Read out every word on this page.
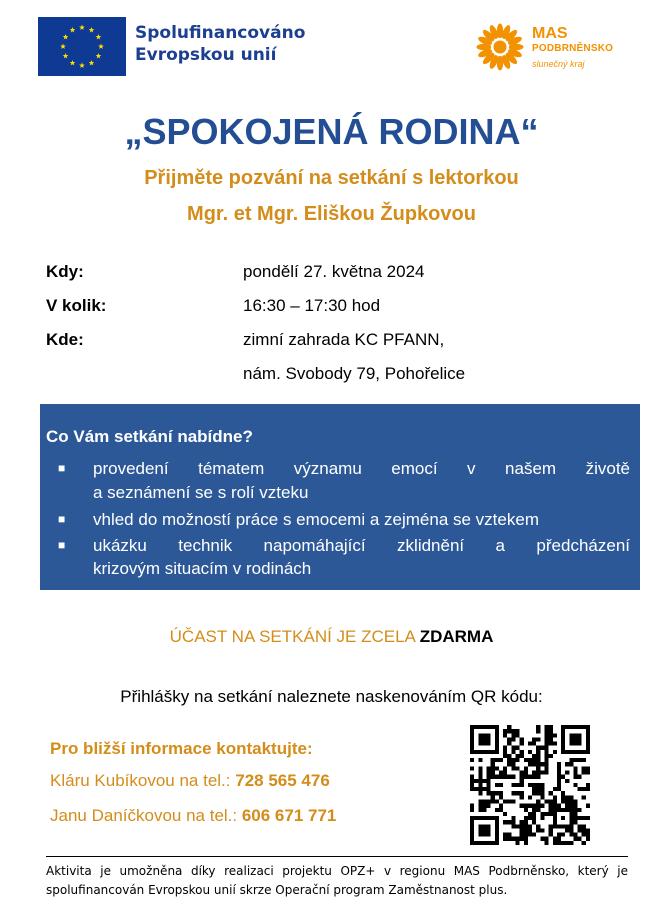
Spolufinancováno
Evropskou unií
MAS
PODBRNĚNSKO
slunečný kraj
„SPOKOJENÁ RODINA“
Přijměte pozvání na setkání s lektorkou
Mgr. et Mgr. Eliškou Župkovou
Kdy:	pondělí 27. května 2024
V kolik:	16:30 – 17:30 hod
Kde:	zimní zahrada KC PFANN,
nám. Svobody 79, Pohořelice
Co Vám setkání nabídne?
■ provedení tématem významu emocí v našem životě
a seznámení se s rolí vzteku
■ vhled do možností práce s emocemi a zejména se vztekem
■ ukázku technik napomáhající zklidnění a předcházení
krizovým situacím v rodinách
ÚČAST NA SETKÁNÍ JE ZCELA ZDARMA
Přihlášky na setkání naleznete naskenováním QR kódu:
Pro bližší informace kontaktujte:
Kláru Kubíkovou na tel.: 728 565 476
Janu Daníčkovou na tel.: 606 671 771
Aktivita je umožněna díky realizaci projektu OPZ+ v regionu MAS Podbrněnsko, který je
spolufinancován Evropskou unií skrze Operační program Zaměstnanost plus.
